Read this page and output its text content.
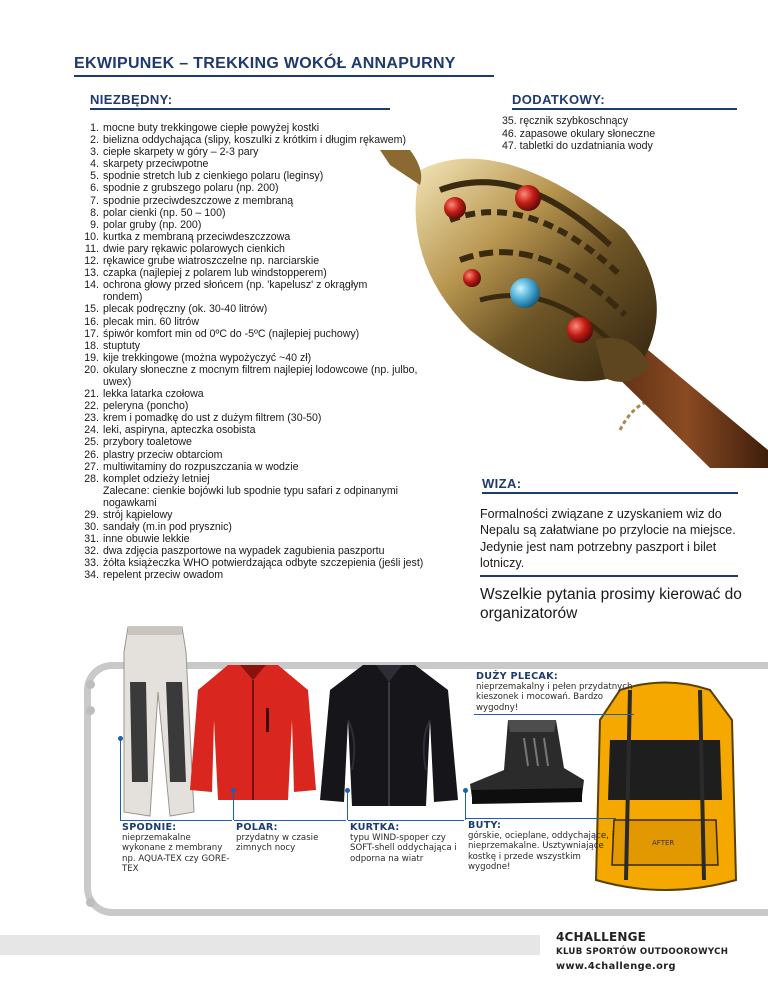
EKWIPUNEK – TREKKING WOKÓŁ ANNAPURNY
NIEZBĘDNY:	DODATKOWY:
1. mocne buty trekkingowe ciepłe powyżej kostki
2. bielizna oddychająca (slipy, koszulki z krótkim i długim rękawem)
3. ciepłe skarpety w góry – 2-3 pary
4. skarpety przeciwpotne
5. spodnie stretch lub z cienkiego polaru (leginsy)
6. spodnie z grubszego polaru (np. 200)
7. spodnie przeciwdeszczowe z membraną
8. polar cienki (np. 50 – 100)
9. polar gruby (np. 200)
10. kurtka z membraną przeciwdeszczzowa
11. dwie pary rękawic polarowych cienkich
12. rękawice grube wiatroszczelne np. narciarskie
13. czapka (najlepiej z polarem lub windstopperem)
14. ochrona głowy przed słońcem (np. 'kapelusz' z okrągłym rondem)
15. plecak podręczny (ok. 30-40 litrów)
16. plecak min. 60 litrów
17. śpiwór komfort min od 0ºC do -5ºC (najlepiej puchowy)
18. stuptuty
19. kije trekkingowe (można wypożyczyć ~40 zł)
20. okulary słoneczne z mocnym filtrem najlepiej lodowcowe (np. julbo, uwex)
21. lekka latarka czołowa
22. peleryna (poncho)
23. krem i pomadkę do ust z dużym filtrem (30-50)
24. leki, aspiryna, apteczka osobista
25. przybory toaletowe
26. plastry przeciw obtarciom
27. multiwitaminy do rozpuszczania w wodzie
28. komplet odzieży letniej
Zalecane: cienkie bojówki lub spodnie typu safari z odpinanymi nogawkami
29. strój kąpielowy
30. sandały (m.in pod prysznic)
31. inne obuwie lekkie
32. dwa zdjęcia paszportowe na wypadek zagubienia paszportu
33. żółta książeczka WHO potwierdzająca odbyte szczepienia (jeśli jest)
34. repelent przeciw owadom
35. ręcznik szybkoschnący
46. zapasowe okulary słoneczne
47. tabletki do uzdatniania wody
WIZA:
Formalności związane z uzyskaniem wiz do Nepalu są załatwiane po przylocie na miejsce. Jedynie jest nam potrzebny paszport i bilet lotniczy.
Wszelkie pytania prosimy kierować do organizatorów
AFTER
SPODNIE:
nieprzemakalne wykonane z membrany np. AQUA-TEX czy GORE-TEX
POLAR:
przydatny w czasie zimnych nocy
KURTKA:
typu WIND-spoper czy SOFT-shell oddychająca i odporna na wiatr
BUTY:
górskie, ocieplane, oddychające, i nieprzemakalne. Usztywniające kostkę i przede wszystkim wygodne!
DUŻY PLECAK:
nieprzemakalny i pełen przydatnych kieszonek i mocowań. Bardzo wygodny!
4CHALLENGE
KLUB SPORTÓW OUTDOOROWYCH
www.4challenge.org
